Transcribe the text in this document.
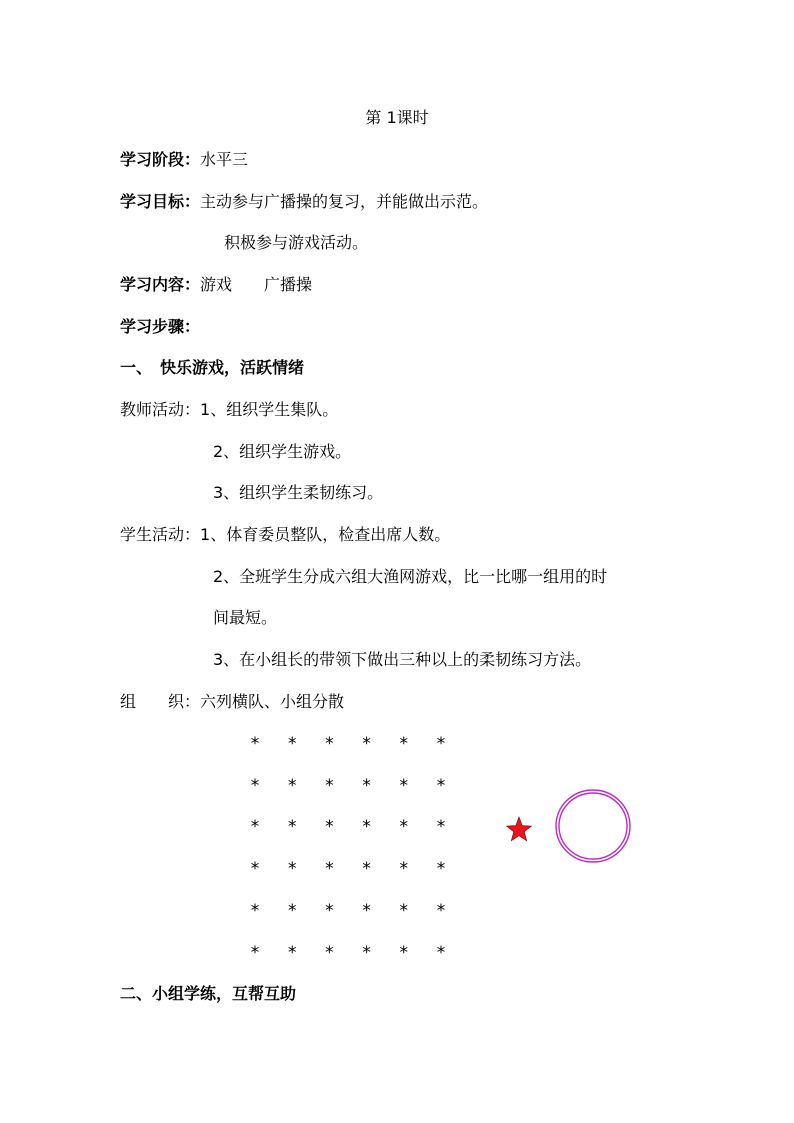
第 1课时
学习阶段：水平三
学习目标：主动参与广播操的复习，并能做出示范。
积极参与游戏活动。
学习内容：游戏　　广播操
学习步骤：
一、　快乐游戏，活跃情绪
教师活动：1、组织学生集队。
2、组织学生游戏。
3、组织学生柔韧练习。
学生活动：1、体育委员整队，检查出席人数。
2、全班学生分成六组大渔网游戏，比一比哪一组用的时
间最短。
3、在小组长的带领下做出三种以上的柔韧练习方法。
组　　织：六列横队、小组分散
* * * * * *
* * * * * *
* * * * * *
* * * * * *
* * * * * *
* * * * * *
二、小组学练，互帮互助
